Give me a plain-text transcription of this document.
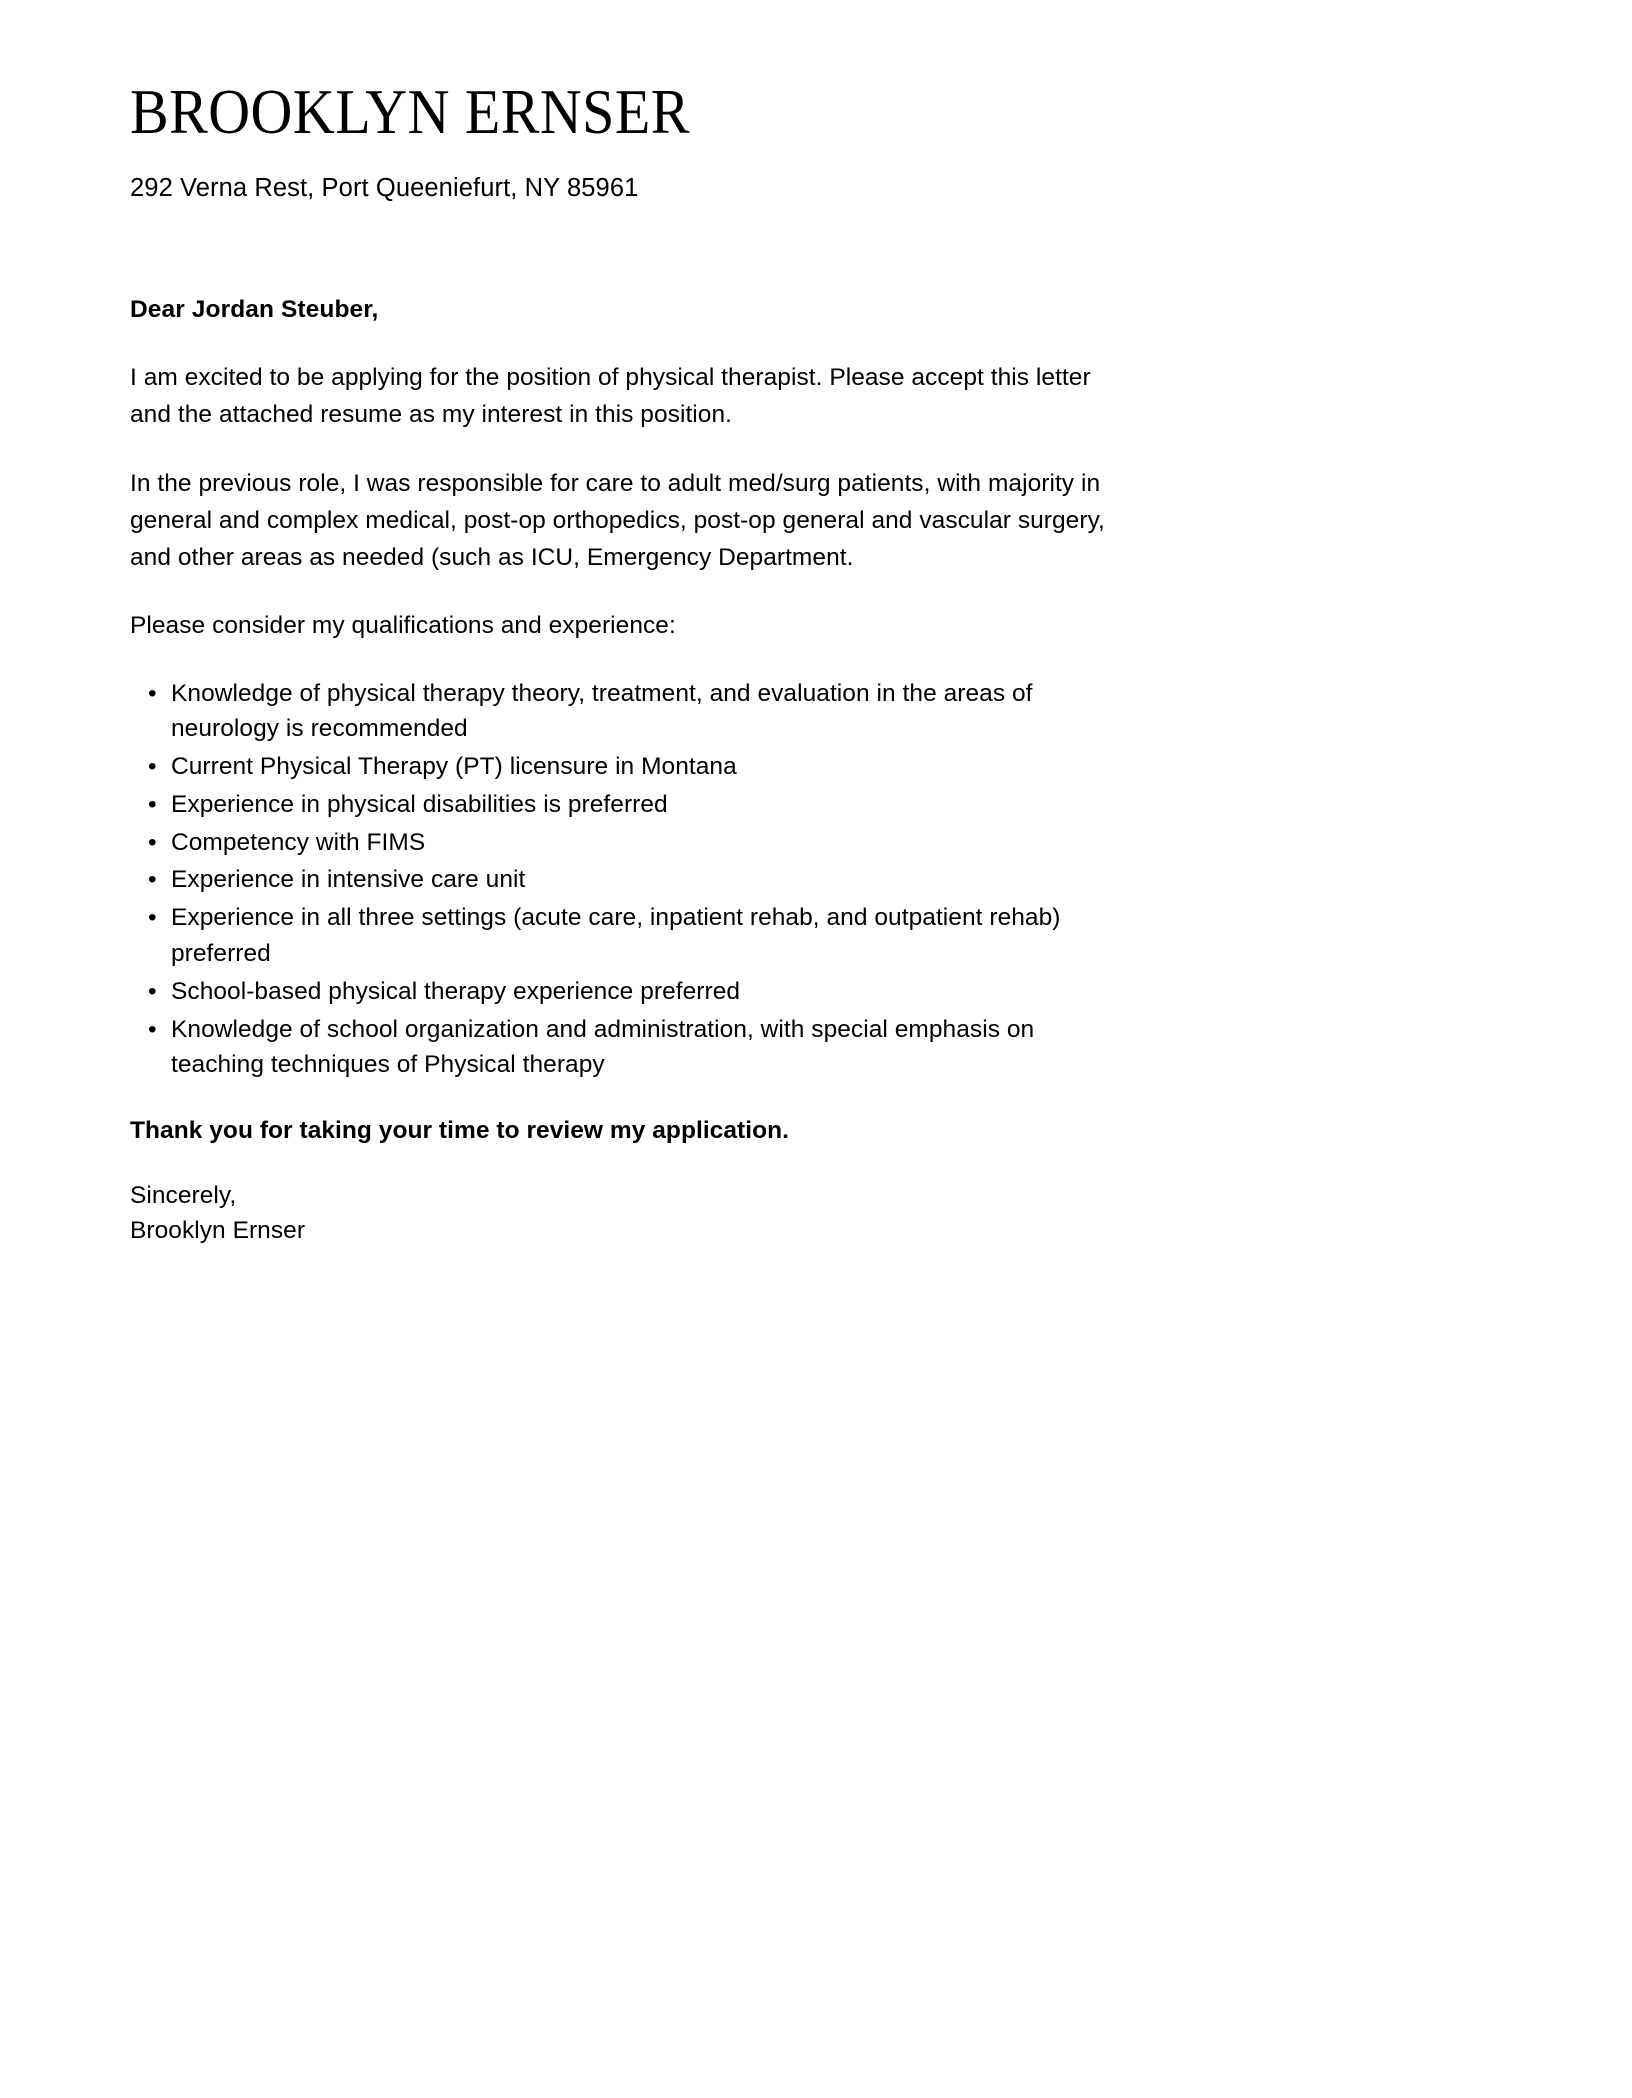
BROOKLYN ERNSER

292 Verna Rest, Port Queeniefurt, NY 85961

Dear Jordan Steuber,

I am excited to be applying for the position of physical therapist. Please accept this letter and the attached resume as my interest in this position.

In the previous role, I was responsible for care to adult med/surg patients, with majority in general and complex medical, post-op orthopedics, post-op general and vascular surgery, and other areas as needed (such as ICU, Emergency Department.

Please consider my qualifications and experience:

• Knowledge of physical therapy theory, treatment, and evaluation in the areas of neurology is recommended
• Current Physical Therapy (PT) licensure in Montana
• Experience in physical disabilities is preferred
• Competency with FIMS
• Experience in intensive care unit
• Experience in all three settings (acute care, inpatient rehab, and outpatient rehab) preferred
• School-based physical therapy experience preferred
• Knowledge of school organization and administration, with special emphasis on teaching techniques of Physical therapy

Thank you for taking your time to review my application.

Sincerely,
Brooklyn Ernser
